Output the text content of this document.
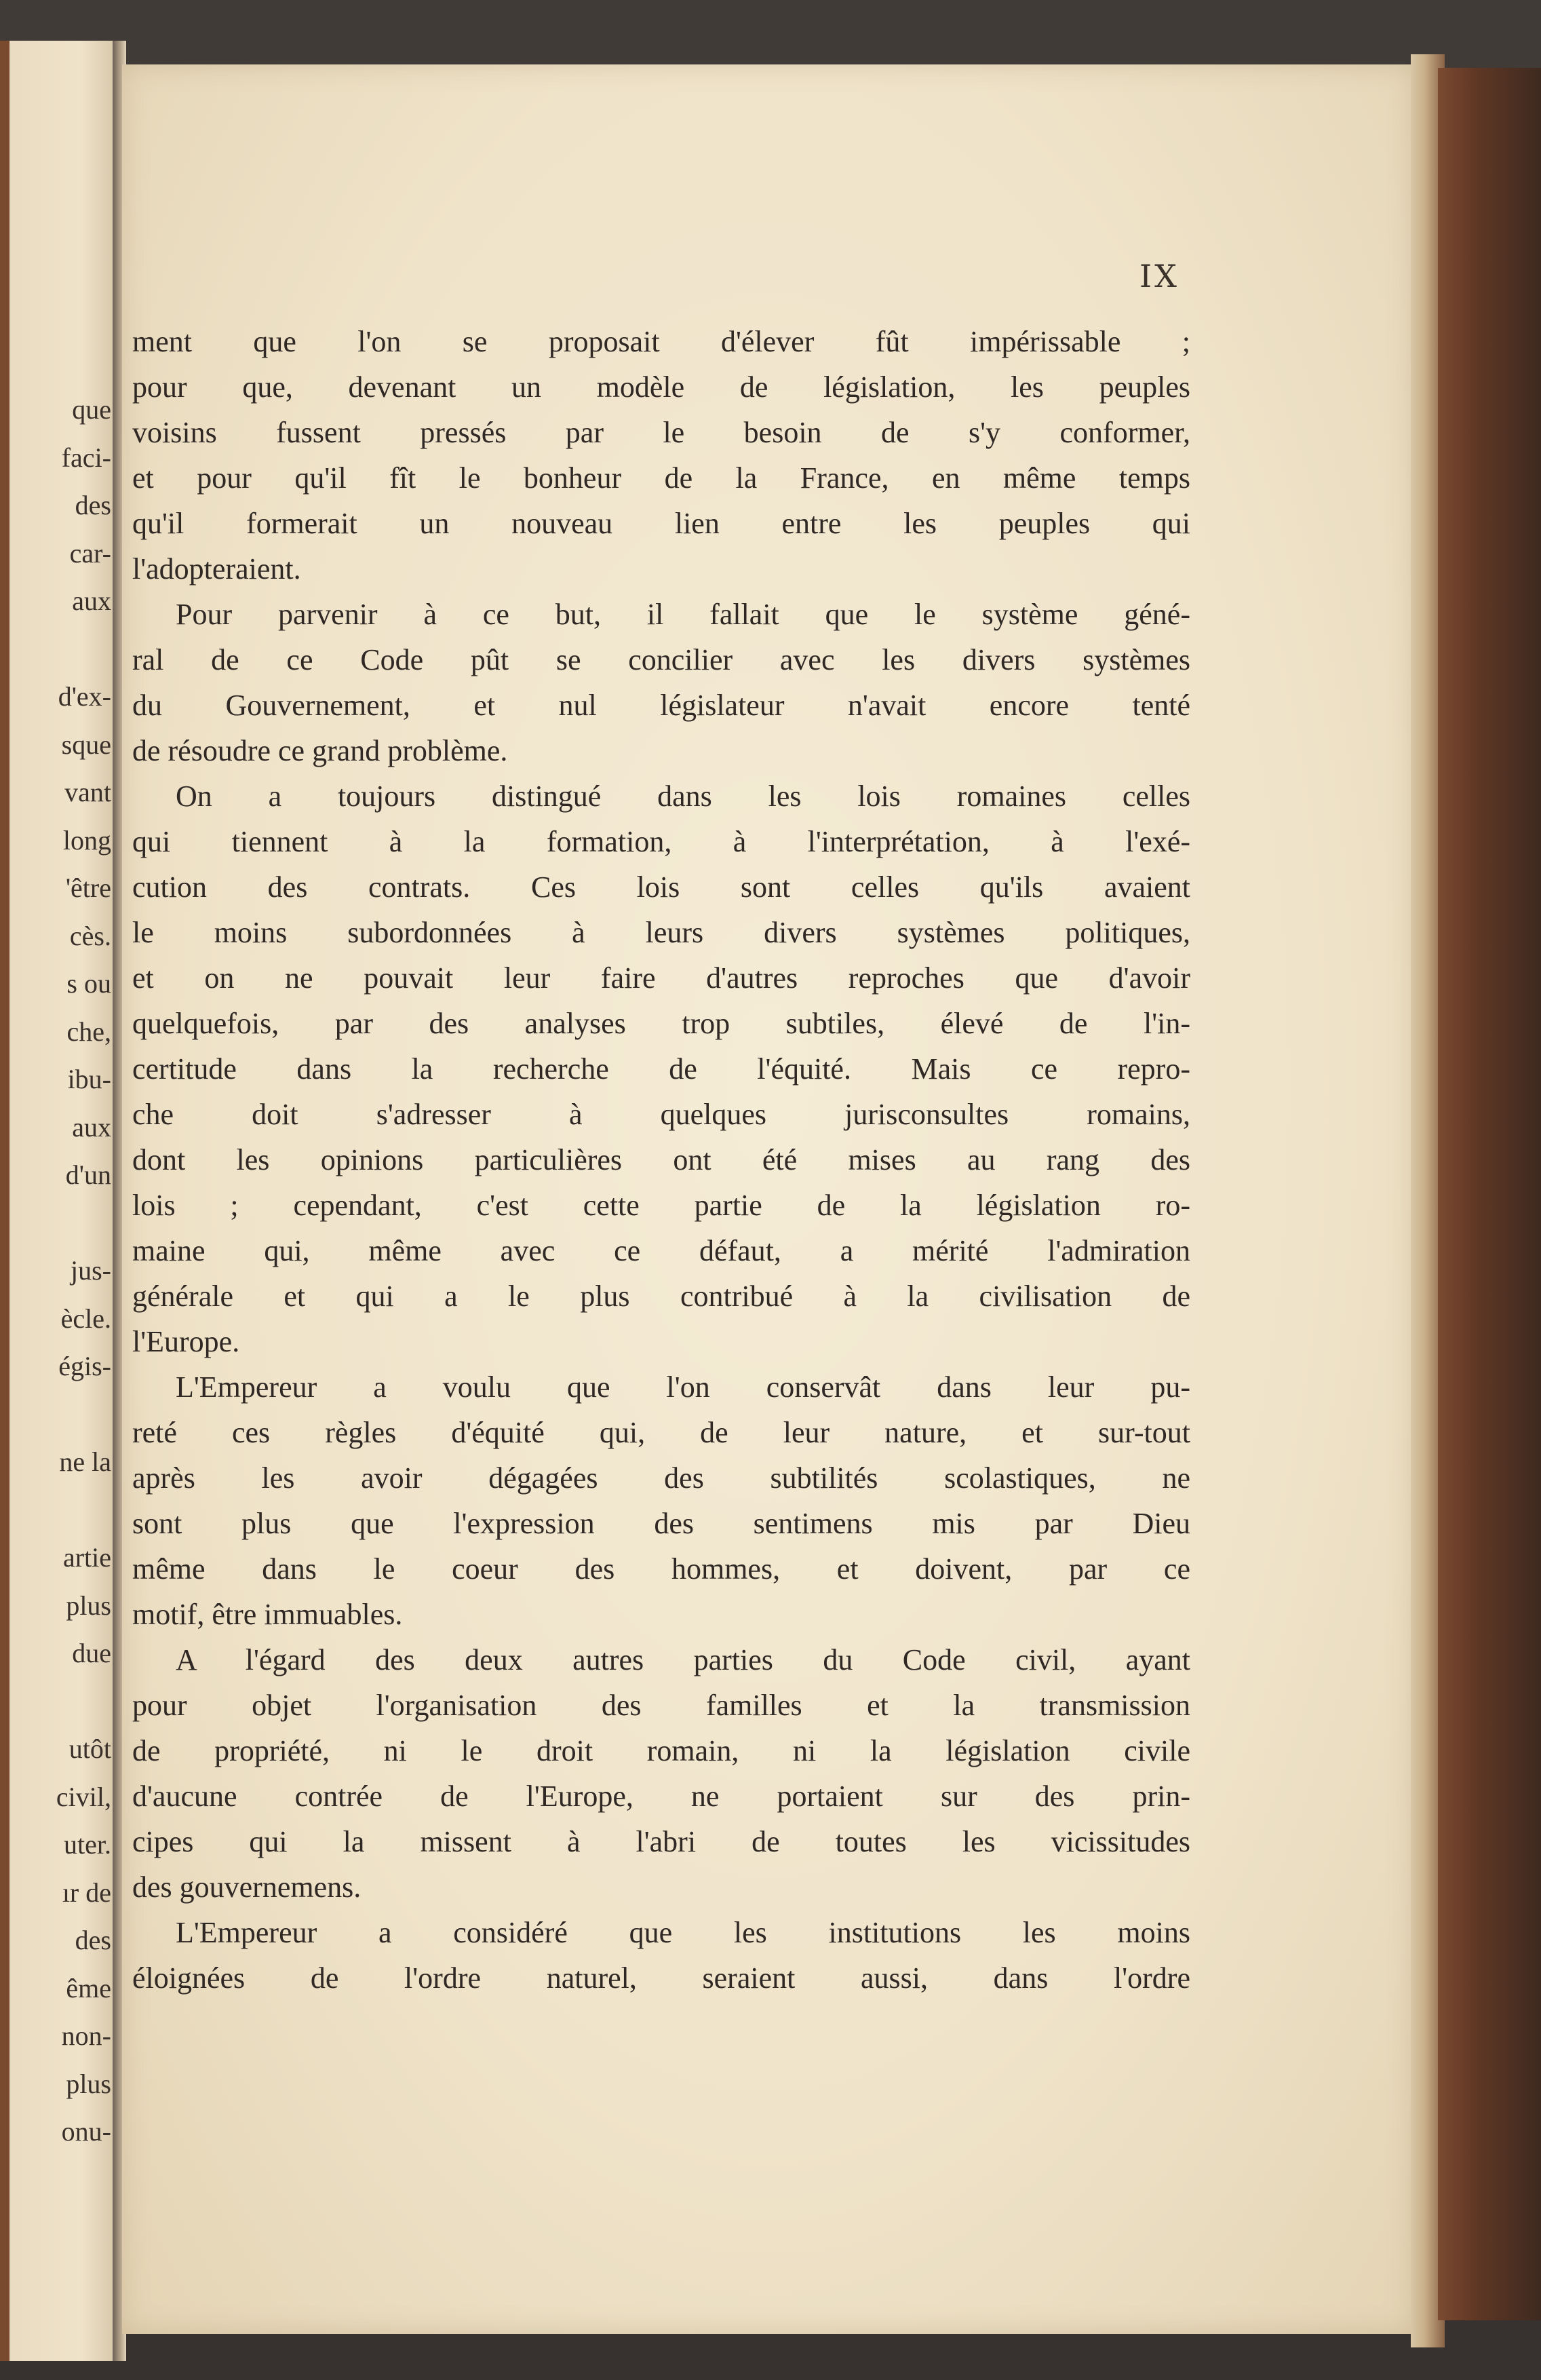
que
faci-
des
car-
aux
d'ex-
sque
vant
long
'être
cès.
s ou
che,
ibu-
aux
d'un
jus-
ècle.
égis-
ne la
artie
plus
due
utôt
civil,
uter.
ır de
des
ême
non-
plus
onu-
IX
ment que l'on se proposait d'élever fût impérissable ;
pour que, devenant un modèle de législation, les peuples
voisins fussent pressés par le besoin de s'y conformer,
et pour qu'il fît le bonheur de la France, en même temps
qu'il formerait un nouveau lien entre les peuples qui
l'adopteraient.
Pour parvenir à ce but, il fallait que le système géné-
ral de ce Code pût se concilier avec les divers systèmes
du Gouvernement, et nul législateur n'avait encore tenté
de résoudre ce grand problème.
On a toujours distingué dans les lois romaines celles
qui tiennent à la formation, à l'interprétation, à l'exé-
cution des contrats. Ces lois sont celles qu'ils avaient
le moins subordonnées à leurs divers systèmes politiques,
et on ne pouvait leur faire d'autres reproches que d'avoir
quelquefois, par des analyses trop subtiles, élevé de l'in-
certitude dans la recherche de l'équité. Mais ce repro-
che doit s'adresser à quelques jurisconsultes romains,
dont les opinions particulières ont été mises au rang des
lois ; cependant, c'est cette partie de la législation ro-
maine qui, même avec ce défaut, a mérité l'admiration
générale et qui a le plus contribué à la civilisation de
l'Europe.
L'Empereur a voulu que l'on conservât dans leur pu-
reté ces règles d'équité qui, de leur nature, et sur-tout
après les avoir dégagées des subtilités scolastiques, ne
sont plus que l'expression des sentimens mis par Dieu
même dans le coeur des hommes, et doivent, par ce
motif, être immuables.
A l'égard des deux autres parties du Code civil, ayant
pour objet l'organisation des familles et la transmission
de propriété, ni le droit romain, ni la législation civile
d'aucune contrée de l'Europe, ne portaient sur des prin-
cipes qui la missent à l'abri de toutes les vicissitudes
des gouvernemens.
L'Empereur a considéré que les institutions les moins
éloignées de l'ordre naturel, seraient aussi, dans l'ordre
